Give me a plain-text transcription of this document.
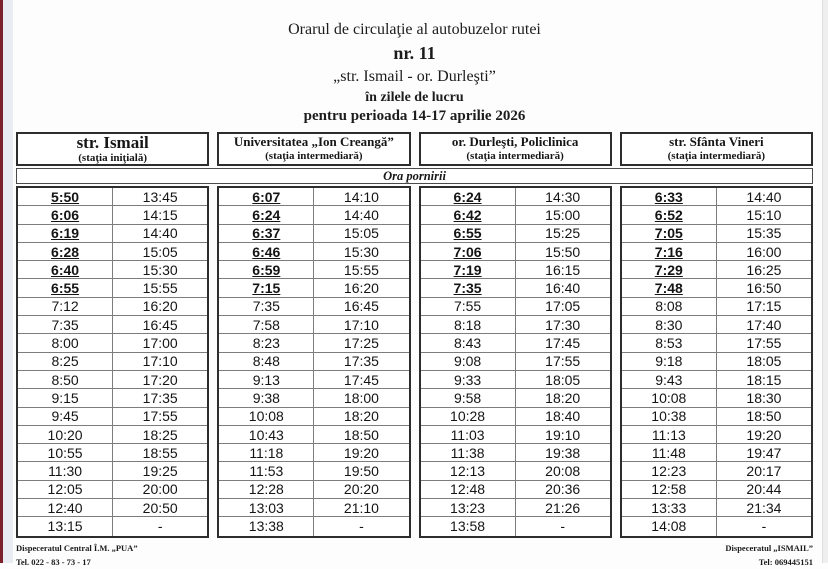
Orarul de circulaţie al autobuzelor rutei
nr. 11
„str. Ismail - or. Durleşti”
în zilele de lucru
pentru perioada 14-17 aprilie 2026
str. Ismail
(staţia iniţială)
Universitatea „Ion Creangă”
(staţia intermediară)
or. Durleşti, Policlinica
(staţia intermediară)
str. Sfânta Vineri
(staţia intermediară)
Ora pornirii
5:50	13:45
6:06	14:15
6:19	14:40
6:28	15:05
6:40	15:30
6:55	15:55
7:12	16:20
7:35	16:45
8:00	17:00
8:25	17:10
8:50	17:20
9:15	17:35
9:45	17:55
10:20	18:25
10:55	18:55
11:30	19:25
12:05	20:00
12:40	20:50
13:15	-
6:07	14:10
6:24	14:40
6:37	15:05
6:46	15:30
6:59	15:55
7:15	16:20
7:35	16:45
7:58	17:10
8:23	17:25
8:48	17:35
9:13	17:45
9:38	18:00
10:08	18:20
10:43	18:50
11:18	19:20
11:53	19:50
12:28	20:20
13:03	21:10
13:38	-
6:24	14:30
6:42	15:00
6:55	15:25
7:06	15:50
7:19	16:15
7:35	16:40
7:55	17:05
8:18	17:30
8:43	17:45
9:08	17:55
9:33	18:05
9:58	18:20
10:28	18:40
11:03	19:10
11:38	19:38
12:13	20:08
12:48	20:36
13:23	21:26
13:58	-
6:33	14:40
6:52	15:10
7:05	15:35
7:16	16:00
7:29	16:25
7:48	16:50
8:08	17:15
8:30	17:40
8:53	17:55
9:18	18:05
9:43	18:15
10:08	18:30
10:38	18:50
11:13	19:20
11:48	19:47
12:23	20:17
12:58	20:44
13:33	21:34
14:08	-
Dispeceratul Central Î.M. „PUA”
Tel. 022 - 83 - 73 - 17
Dispeceratul „ISMAIL”
Tel: 069445151
